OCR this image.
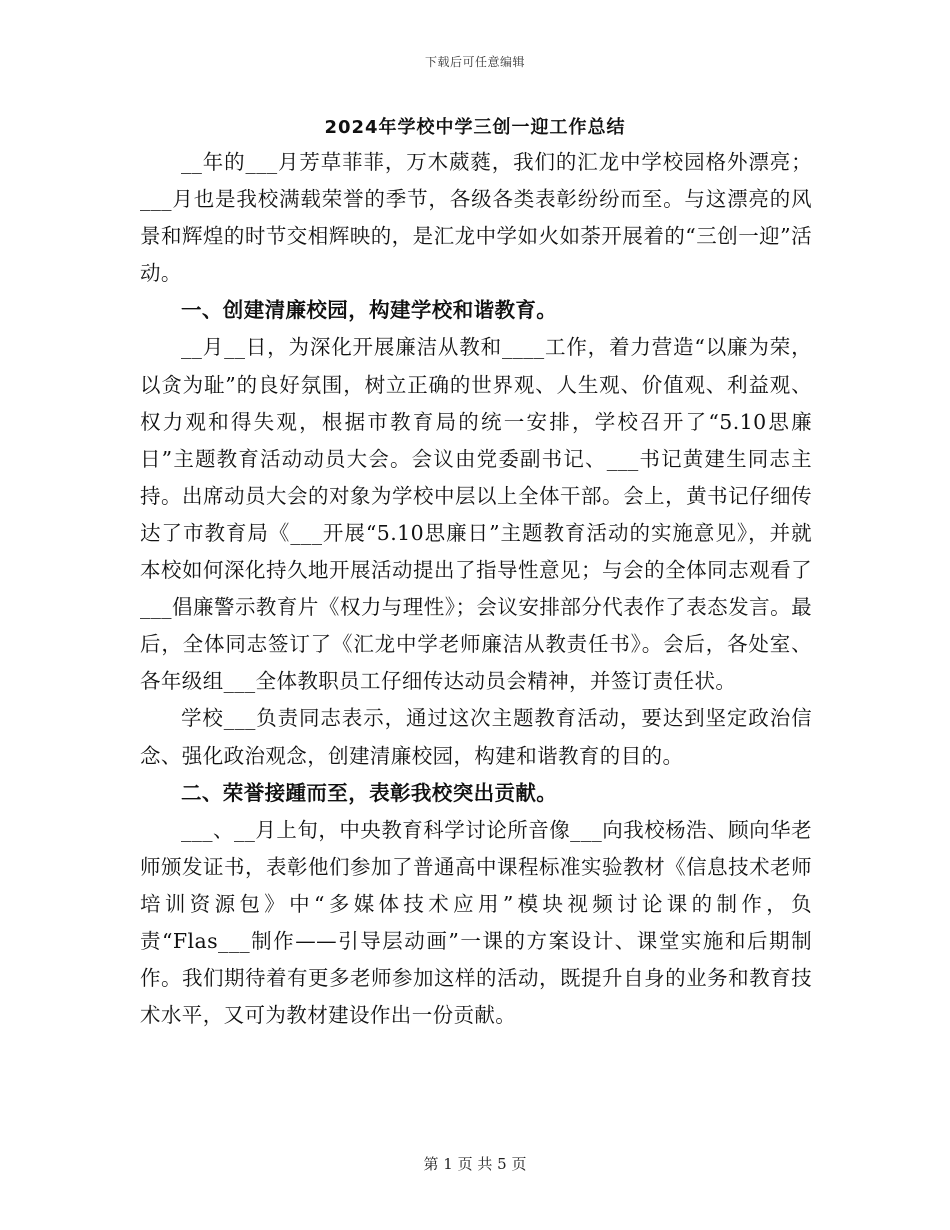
下载后可任意编辑
2024年学校中学三创一迎工作总结

__年的___月芳草菲菲，万木葳蕤，我们的汇龙中学校园格外漂亮；___月也是我校满载荣誉的季节，各级各类表彰纷纷而至。与这漂亮的风景和辉煌的时节交相辉映的，是汇龙中学如火如荼开展着的“三创一迎”活动。

一、创建清廉校园，构建学校和谐教育。

__月__日，为深化开展廉洁从教和____工作，着力营造“以廉为荣，以贪为耻”的良好氛围，树立正确的世界观、人生观、价值观、利益观、权力观和得失观，根据市教育局的统一安排，学校召开了“5.10思廉日”主题教育活动动员大会。会议由党委副书记、___书记黄建生同志主持。出席动员大会的对象为学校中层以上全体干部。会上，黄书记仔细传达了市教育局《___开展“5.10思廉日”主题教育活动的实施意见》，并就本校如何深化持久地开展活动提出了指导性意见；与会的全体同志观看了___倡廉警示教育片《权力与理性》；会议安排部分代表作了表态发言。最后，全体同志签订了《汇龙中学老师廉洁从教责任书》。会后，各处室、各年级组___全体教职员工仔细传达动员会精神，并签订责任状。

学校___负责同志表示，通过这次主题教育活动，要达到坚定政治信念、强化政治观念，创建清廉校园，构建和谐教育的目的。

二、荣誉接踵而至，表彰我校突出贡献。

___、__月上旬，中央教育科学讨论所音像___向我校杨浩、顾向华老师颁发证书，表彰他们参加了普通高中课程标准实验教材《信息技术老师培训资源包》中“多媒体技术应用”模块视频讨论课的制作，负责“Flas___制作——引导层动画”一课的方案设计、课堂实施和后期制作。我们期待着有更多老师参加这样的活动，既提升自身的业务和教育技术水平，又可为教材建设作出一份贡献。

第 1 页 共 5 页
